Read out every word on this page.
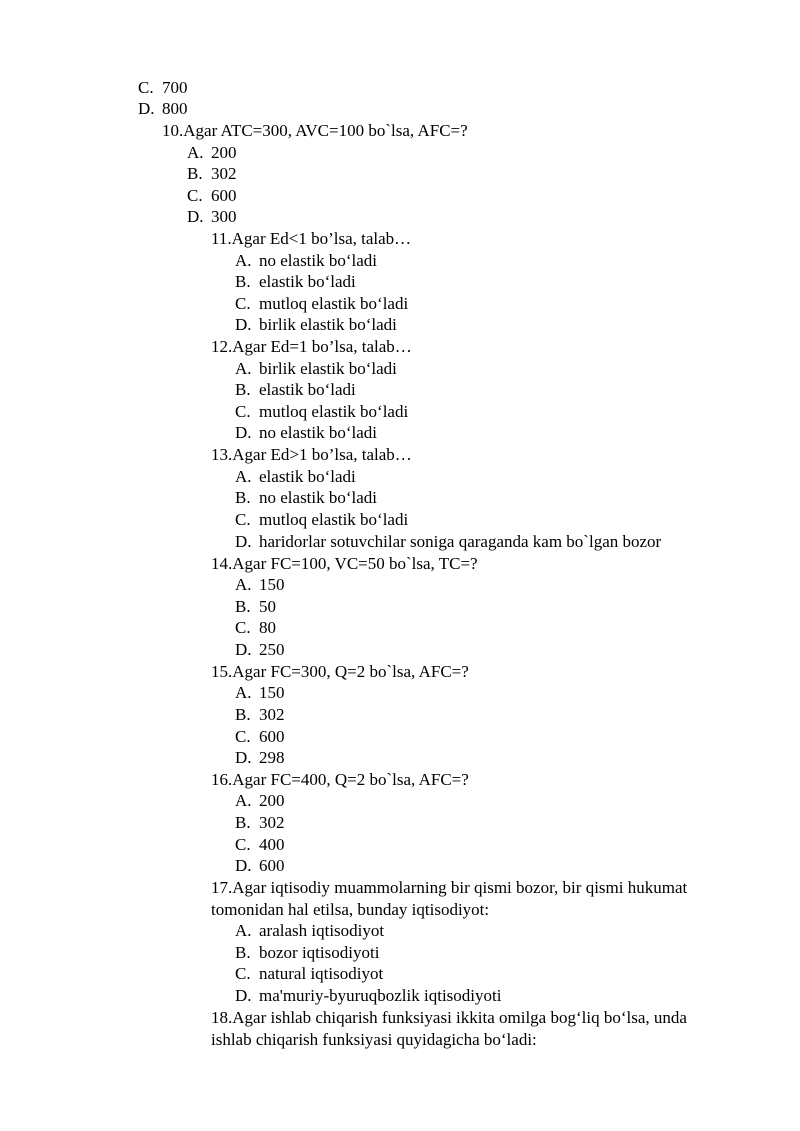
C. 700
D. 800
10.Agar ATC=300, AVC=100 bo`lsa, AFC=?
A. 200
B. 302
C. 600
D. 300
11.Agar Ed<1 bo’lsa, talab…
A. no elastik bo‘ladi
B. elastik bo‘ladi
C. mutloq elastik bo‘ladi
D. birlik elastik bo‘ladi
12.Agar Ed=1 bo’lsa, talab…
A. birlik elastik bo‘ladi
B. elastik bo‘ladi
C. mutloq elastik bo‘ladi
D. no elastik bo‘ladi
13.Agar Ed>1 bo’lsa, talab…
A. elastik bo‘ladi
B. no elastik bo‘ladi
C. mutloq elastik bo‘ladi
D. haridorlar sotuvchilar soniga qaraganda kam bo`lgan bozor
14.Agar FC=100, VC=50 bo`lsa, TC=?
A. 150
B. 50
C. 80
D. 250
15.Agar FC=300, Q=2 bo`lsa, AFC=?
A. 150
B. 302
C. 600
D. 298
16.Agar FC=400, Q=2 bo`lsa, AFC=?
A. 200
B. 302
C. 400
D. 600
17.Agar iqtisodiy muammolarning bir qismi bozor, bir qismi hukumat
tomonidan hal etilsa, bunday iqtisodiyot:
A. aralash iqtisodiyot
B. bozor iqtisodiyoti
C. natural iqtisodiyot
D. ma'muriy-byuruqbozlik iqtisodiyoti
18.Agar ishlab chiqarish funksiyasi ikkita omilga bog‘liq bo‘lsa, unda
ishlab chiqarish funksiyasi quyidagicha bo‘ladi:
